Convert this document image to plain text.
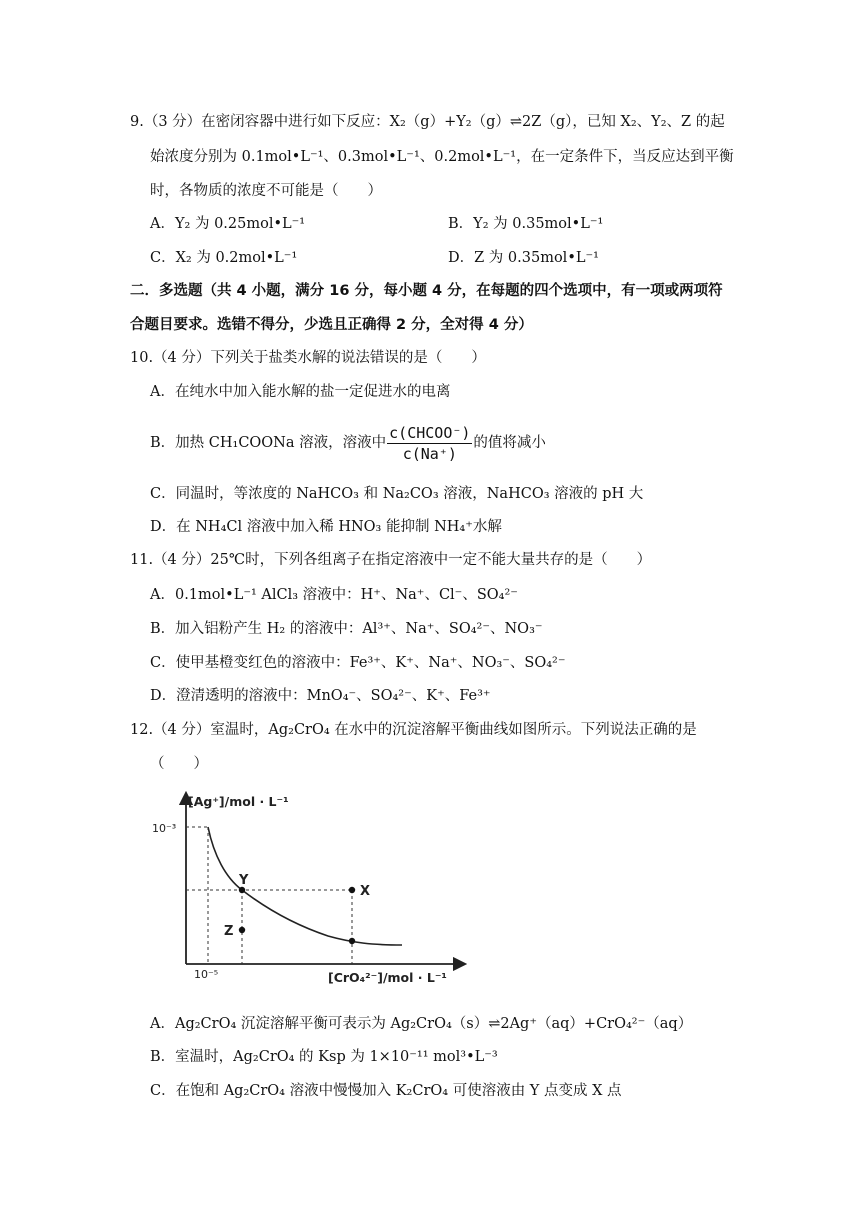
9.（3 分）在密闭容器中进行如下反应：X₂（g）+Y₂（g）⇌2Z（g），已知 X₂、Y₂、Z 的起
始浓度分别为 0.1mol•L⁻¹、0.3mol•L⁻¹、0.2mol•L⁻¹，在一定条件下，当反应达到平衡
时，各物质的浓度不可能是（　　）
A．Y₂ 为 0.25mol•L⁻¹	B．Y₂ 为 0.35mol•L⁻¹
C．X₂ 为 0.2mol•L⁻¹	D．Z 为 0.35mol•L⁻¹
二．多选题（共 4 小题，满分 16 分，每小题 4 分，在每题的四个选项中，有一项或两项符
合题目要求。选错不得分，少选且正确得 2 分，全对得 4 分）
10.（4 分）下列关于盐类水解的说法错误的是（　　）
A．在纯水中加入能水解的盐一定促进水的电离
B．加热 CH₁COONa 溶液，溶液中 $\frac{\text{c(CHCOO⁻)}}{c(Na^+)}$ 的值将减小
C．同温时，等浓度的 NaHCO₃ 和 Na₂CO₃ 溶液，NaHCO₃ 溶液的 pH 大
D．在 NH₄Cl 溶液中加入稀 HNO₃ 能抑制 NH₄⁺水解
11.（4 分）25℃时，下列各组离子在指定溶液中一定不能大量共存的是（　　）
A．0.1mol•L⁻¹ AlCl₃ 溶液中：H⁺、Na⁺、Cl⁻、SO₄²⁻
B．加入铝粉产生 H₂ 的溶液中：Al³⁺、Na⁺、SO₄²⁻、NO₃⁻
C．使甲基橙变红色的溶液中：Fe³⁺、K⁺、Na⁺、NO₃⁻、SO₄²⁻
D．澄清透明的溶液中：MnO₄⁻、SO₄²⁻、K⁺、Fe³⁺
12.（4 分）室温时，Ag₂CrO₄ 在水中的沉淀溶解平衡曲线如图所示。下列说法正确的是
（　　）
[Ag⁺]/mol · L⁻¹
[CrO₄²⁻]/mol · L⁻¹
10⁻³
10⁻⁵
Y
X
Z
A．Ag₂CrO₄ 沉淀溶解平衡可表示为 Ag₂CrO₄（s）⇌2Ag⁺（aq）+CrO₄²⁻（aq）
B．室温时，Ag₂CrO₄ 的 Ksp 为 1×10⁻¹¹ mol³•L⁻³
C．在饱和 Ag₂CrO₄ 溶液中慢慢加入 K₂CrO₄ 可使溶液由 Y 点变成 X 点
